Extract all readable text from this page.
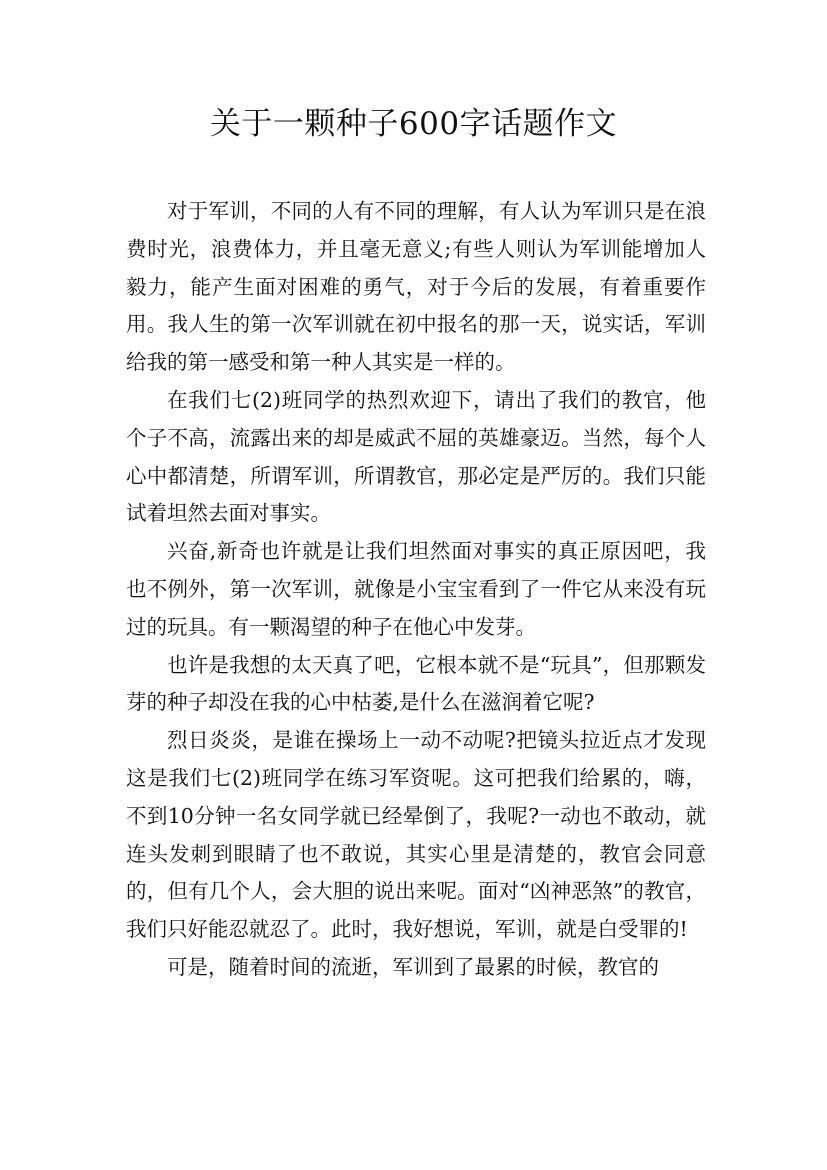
关于一颗种子600字话题作文

对于军训，不同的人有不同的理解，有人认为军训只是在浪费时光，浪费体力，并且毫无意义;有些人则认为军训能增加人毅力，能产生面对困难的勇气，对于今后的发展，有着重要作用。我人生的第一次军训就在初中报名的那一天，说实话，军训给我的第一感受和第一种人其实是一样的。

在我们七(2)班同学的热烈欢迎下，请出了我们的教官，他个子不高，流露出来的却是威武不屈的英雄豪迈。当然，每个人心中都清楚，所谓军训，所谓教官，那必定是严厉的。我们只能试着坦然去面对事实。

兴奋,新奇也许就是让我们坦然面对事实的真正原因吧，我也不例外，第一次军训，就像是小宝宝看到了一件它从来没有玩过的玩具。有一颗渴望的种子在他心中发芽。

也许是我想的太天真了吧，它根本就不是“玩具”，但那颗发芽的种子却没在我的心中枯萎,是什么在滋润着它呢?

烈日炎炎，是谁在操场上一动不动呢?把镜头拉近点才发现这是我们七(2)班同学在练习军资呢。这可把我们给累的，嗨，不到10分钟一名女同学就已经晕倒了，我呢?一动也不敢动，就连头发刺到眼睛了也不敢说，其实心里是清楚的，教官会同意的，但有几个人，会大胆的说出来呢。面对“凶神恶煞”的教官，我们只好能忍就忍了。此时，我好想说，军训，就是白受罪的!

可是，随着时间的流逝，军训到了最累的时候，教官的
